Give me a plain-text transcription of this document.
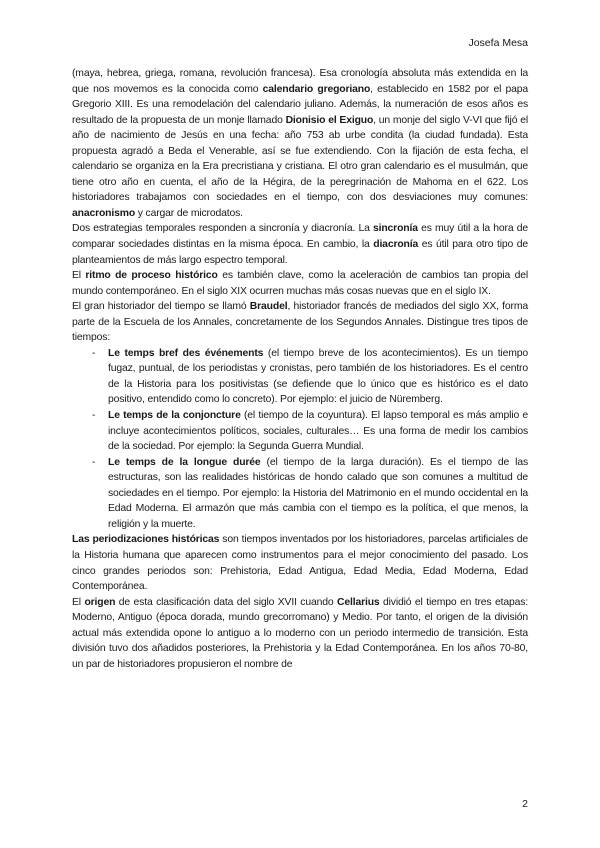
Josefa Mesa

(maya, hebrea, griega, romana, revolución francesa). Esa cronología absoluta más extendida en la que nos movemos es la conocida como calendario gregoriano, establecido en 1582 por el papa Gregorio XIII. Es una remodelación del calendario juliano. Además, la numeración de esos años es resultado de la propuesta de un monje llamado Dionisio el Exiguo, un monje del siglo V-VI que fijó el año de nacimiento de Jesús en una fecha: año 753 ab urbe condita (la ciudad fundada). Esta propuesta agradó a Beda el Venerable, así se fue extendiendo. Con la fijación de esta fecha, el calendario se organiza en la Era precristiana y cristiana. El otro gran calendario es el musulmán, que tiene otro año en cuenta, el año de la Hégira, de la peregrinación de Mahoma en el 622. Los historiadores trabajamos con sociedades en el tiempo, con dos desviaciones muy comunes: anacronismo y cargar de microdatos.

Dos estrategias temporales responden a sincronía y diacronía. La sincronía es muy útil a la hora de comparar sociedades distintas en la misma época. En cambio, la diacronía es útil para otro tipo de planteamientos de más largo espectro temporal.

El ritmo de proceso histórico es también clave, como la aceleración de cambios tan propia del mundo contemporáneo. En el siglo XIX ocurren muchas más cosas nuevas que en el siglo IX.

El gran historiador del tiempo se llamó Braudel, historiador francés de mediados del siglo XX, forma parte de la Escuela de los Annales, concretamente de los Segundos Annales. Distingue tres tipos de tiempos:

- Le temps bref des événements (el tiempo breve de los acontecimientos). Es un tiempo fugaz, puntual, de los periodistas y cronistas, pero también de los historiadores. Es el centro de la Historia para los positivistas (se defiende que lo único que es histórico es el dato positivo, entendido como lo concreto). Por ejemplo: el juicio de Nüremberg.
- Le temps de la conjoncture (el tiempo de la coyuntura). El lapso temporal es más amplio e incluye acontecimientos políticos, sociales, culturales… Es una forma de medir los cambios de la sociedad. Por ejemplo: la Segunda Guerra Mundial.
- Le temps de la longue durée (el tiempo de la larga duración). Es el tiempo de las estructuras, son las realidades históricas de hondo calado que son comunes a multitud de sociedades en el tiempo. Por ejemplo: la Historia del Matrimonio en el mundo occidental en la Edad Moderna. El armazón que más cambia con el tiempo es la política, el que menos, la religión y la muerte.

Las periodizaciones históricas son tiempos inventados por los historiadores, parcelas artificiales de la Historia humana que aparecen como instrumentos para el mejor conocimiento del pasado. Los cinco grandes periodos son: Prehistoria, Edad Antigua, Edad Media, Edad Moderna, Edad Contemporánea.

El origen de esta clasificación data del siglo XVII cuando Cellarius dividió el tiempo en tres etapas: Moderno, Antiguo (época dorada, mundo grecorromano) y Medio. Por tanto, el origen de la división actual más extendida opone lo antiguo a lo moderno con un periodo intermedio de transición. Esta división tuvo dos añadidos posteriores, la Prehistoria y la Edad Contemporánea. En los años 70-80, un par de historiadores propusieron el nombre de

2
